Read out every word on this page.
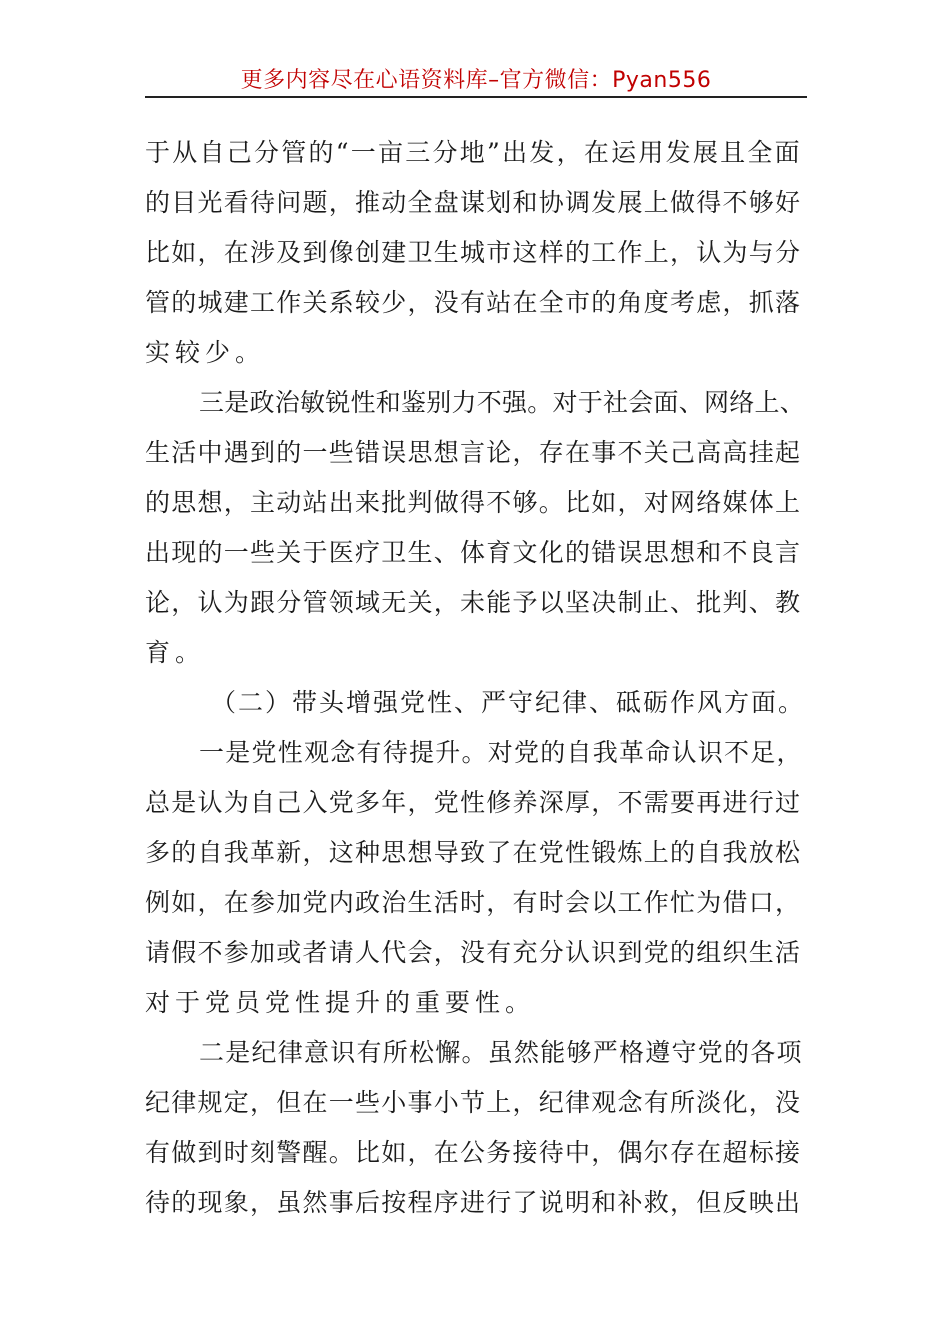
更多内容尽在心语资料库–官方微信：Pyan556
于从自己分管的“一亩三分地”出发，在运用发展且全面
的目光看待问题，推动全盘谋划和协调发展上做得不够好
比如，在涉及到像创建卫生城市这样的工作上，认为与分
管的城建工作关系较少，没有站在全市的角度考虑，抓落
实较少。
三是政治敏锐性和鉴别力不强。对于社会面、网络上、
生活中遇到的一些错误思想言论，存在事不关己高高挂起
的思想，主动站出来批判做得不够。比如，对网络媒体上
出现的一些关于医疗卫生、体育文化的错误思想和不良言
论，认为跟分管领域无关，未能予以坚决制止、批判、教
育。
（二）带头增强党性、严守纪律、砥砺作风方面。
一是党性观念有待提升。对党的自我革命认识不足，
总是认为自己入党多年，党性修养深厚，不需要再进行过
多的自我革新，这种思想导致了在党性锻炼上的自我放松
例如，在参加党内政治生活时，有时会以工作忙为借口，
请假不参加或者请人代会，没有充分认识到党的组织生活
对于党员党性提升的重要性。
二是纪律意识有所松懈。虽然能够严格遵守党的各项
纪律规定，但在一些小事小节上，纪律观念有所淡化，没
有做到时刻警醒。比如，在公务接待中，偶尔存在超标接
待的现象，虽然事后按程序进行了说明和补救，但反映出
